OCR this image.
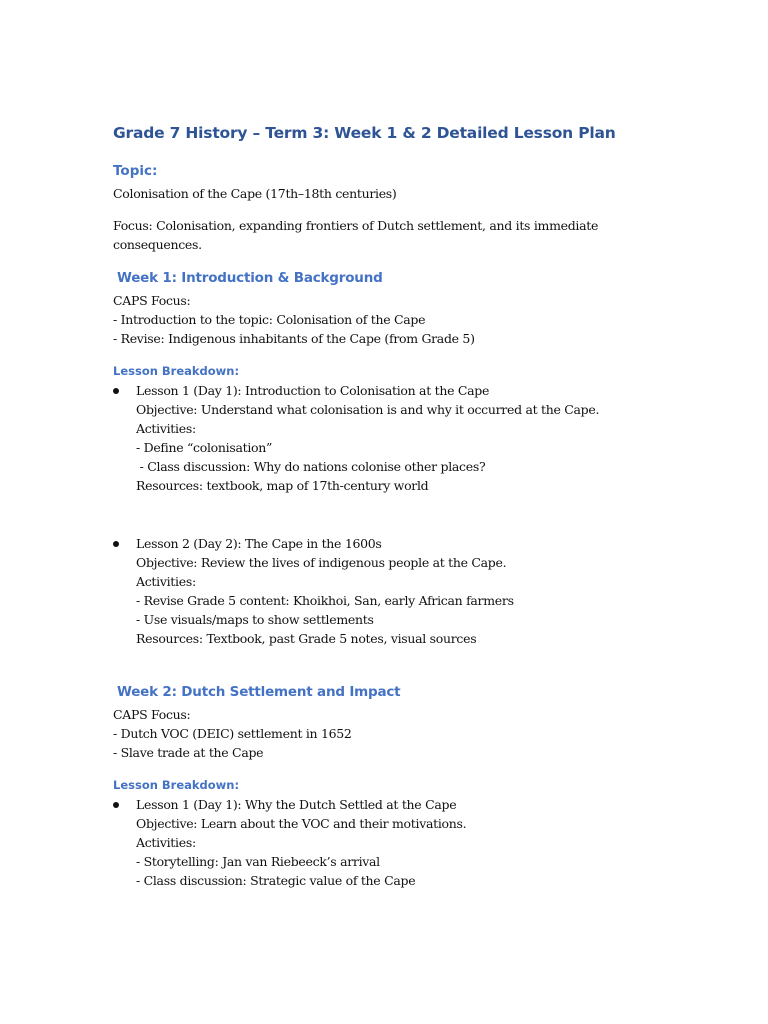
Grade 7 History – Term 3: Week 1 & 2 Detailed Lesson Plan
Topic:

Colonisation of the Cape (17th–18th centuries)

Focus: Colonisation, expanding frontiers of Dutch settlement, and its immediate

consequences.

Week 1: Introduction & Background

CAPS Focus:

- Introduction to the topic: Colonisation of the Cape

- Revise: Indigenous inhabitants of the Cape (from Grade 5)

Lesson Breakdown:
Lesson 1 (Day 1): Introduction to Colonisation at the Cape
Objective: Understand what colonisation is and why it occurred at the Cape.
Activities:
- Define “colonisation”
- Class discussion: Why do nations colonise other places?
Resources: textbook, map of 17th-century world
Lesson 2 (Day 2): The Cape in the 1600s
Objective: Review the lives of indigenous people at the Cape.
Activities:
- Revise Grade 5 content: Khoikhoi, San, early African farmers
- Use visuals/maps to show settlements
Resources: Textbook, past Grade 5 notes, visual sources
Week 2: Dutch Settlement and Impact

CAPS Focus:

- Dutch VOC (DEIC) settlement in 1652

- Slave trade at the Cape

Lesson Breakdown:
Lesson 1 (Day 1): Why the Dutch Settled at the Cape
Objective: Learn about the VOC and their motivations.
Activities:
- Storytelling: Jan van Riebeeck’s arrival
- Class discussion: Strategic value of the Cape
